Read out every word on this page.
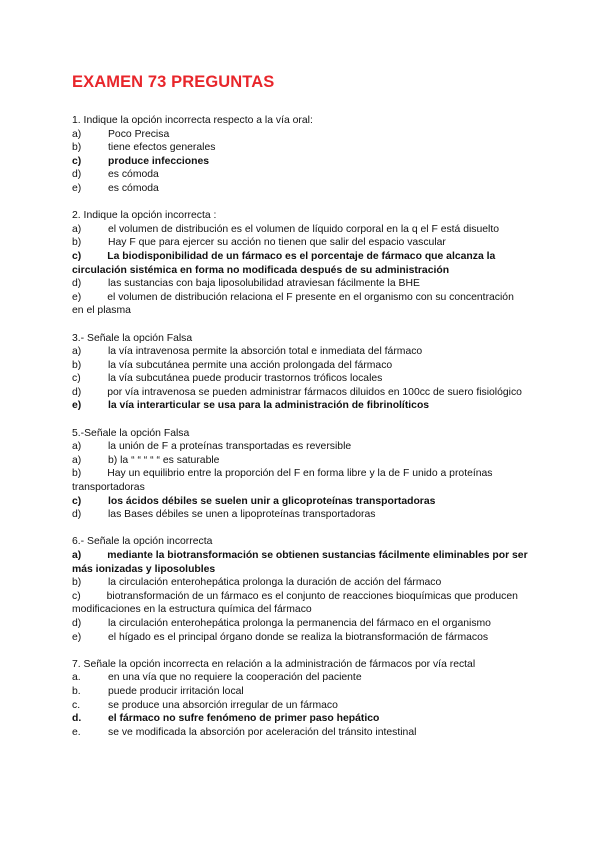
EXAMEN 73 PREGUNTAS
1. Indique la opción incorrecta respecto a la vía oral:
a)	Poco Precisa
b)	tiene efectos generales
c)	produce infecciones
d)	es cómoda
e)	es cómoda
2. Indique la opción incorrecta :
a)	el volumen de distribución es el volumen de líquido corporal en la q el F está disuelto
b)	Hay F que para ejercer su acción no tienen que salir del espacio vascular
c)	La biodisponibilidad de un fármaco es el porcentaje de fármaco que alcanza la circulación sistémica en forma no modificada después de su administración
d)	las sustancias con baja liposolubilidad atraviesan fácilmente la BHE
e)	el volumen de distribución relaciona el F presente en el organismo con su concentración en el plasma
3.- Señale la opción Falsa
a)	la vía intravenosa permite la absorción total e inmediata del fármaco
b)	la vía subcutánea permite una acción prolongada del fármaco
c)	la vía subcutánea puede producir trastornos tróficos locales
d)	por vía intravenosa se pueden administrar fármacos diluidos en 100cc de suero fisiológico
e)	la vía interarticular se usa para la administración de fibrinolíticos
5.-Señale la opción Falsa
a)	la unión de F a proteínas transportadas es reversible
a)	b) la “ “ “ “ “ es saturable
b)	Hay un equilibrio entre la proporción del F en forma libre y la de F unido a proteínas transportadoras
c)	los ácidos débiles se suelen unir a glicoproteínas transportadoras
d)	las Bases débiles se unen a lipoproteínas transportadoras
6.- Señale la opción incorrecta
a)	mediante la biotransformación se obtienen sustancias fácilmente eliminables por ser más ionizadas y liposolubles
b)	la circulación enterohepática prolonga la duración de acción del fármaco
c)	biotransformación de un fármaco es el conjunto de reacciones bioquímicas que producen modificaciones en la estructura química del fármaco
d)	la circulación enterohepática prolonga la permanencia del fármaco en el organismo
e)	el hígado es el principal órgano donde se realiza la biotransformación de fármacos
7. Señale la opción incorrecta en relación a la administración de fármacos por vía rectal
a.	en una vía que no requiere la cooperación del paciente
b.	puede producir irritación local
c.	se produce una absorción irregular de un fármaco
d.	el fármaco no sufre fenómeno de primer paso hepático
e.	se ve modificada la absorción por aceleración del tránsito intestinal
